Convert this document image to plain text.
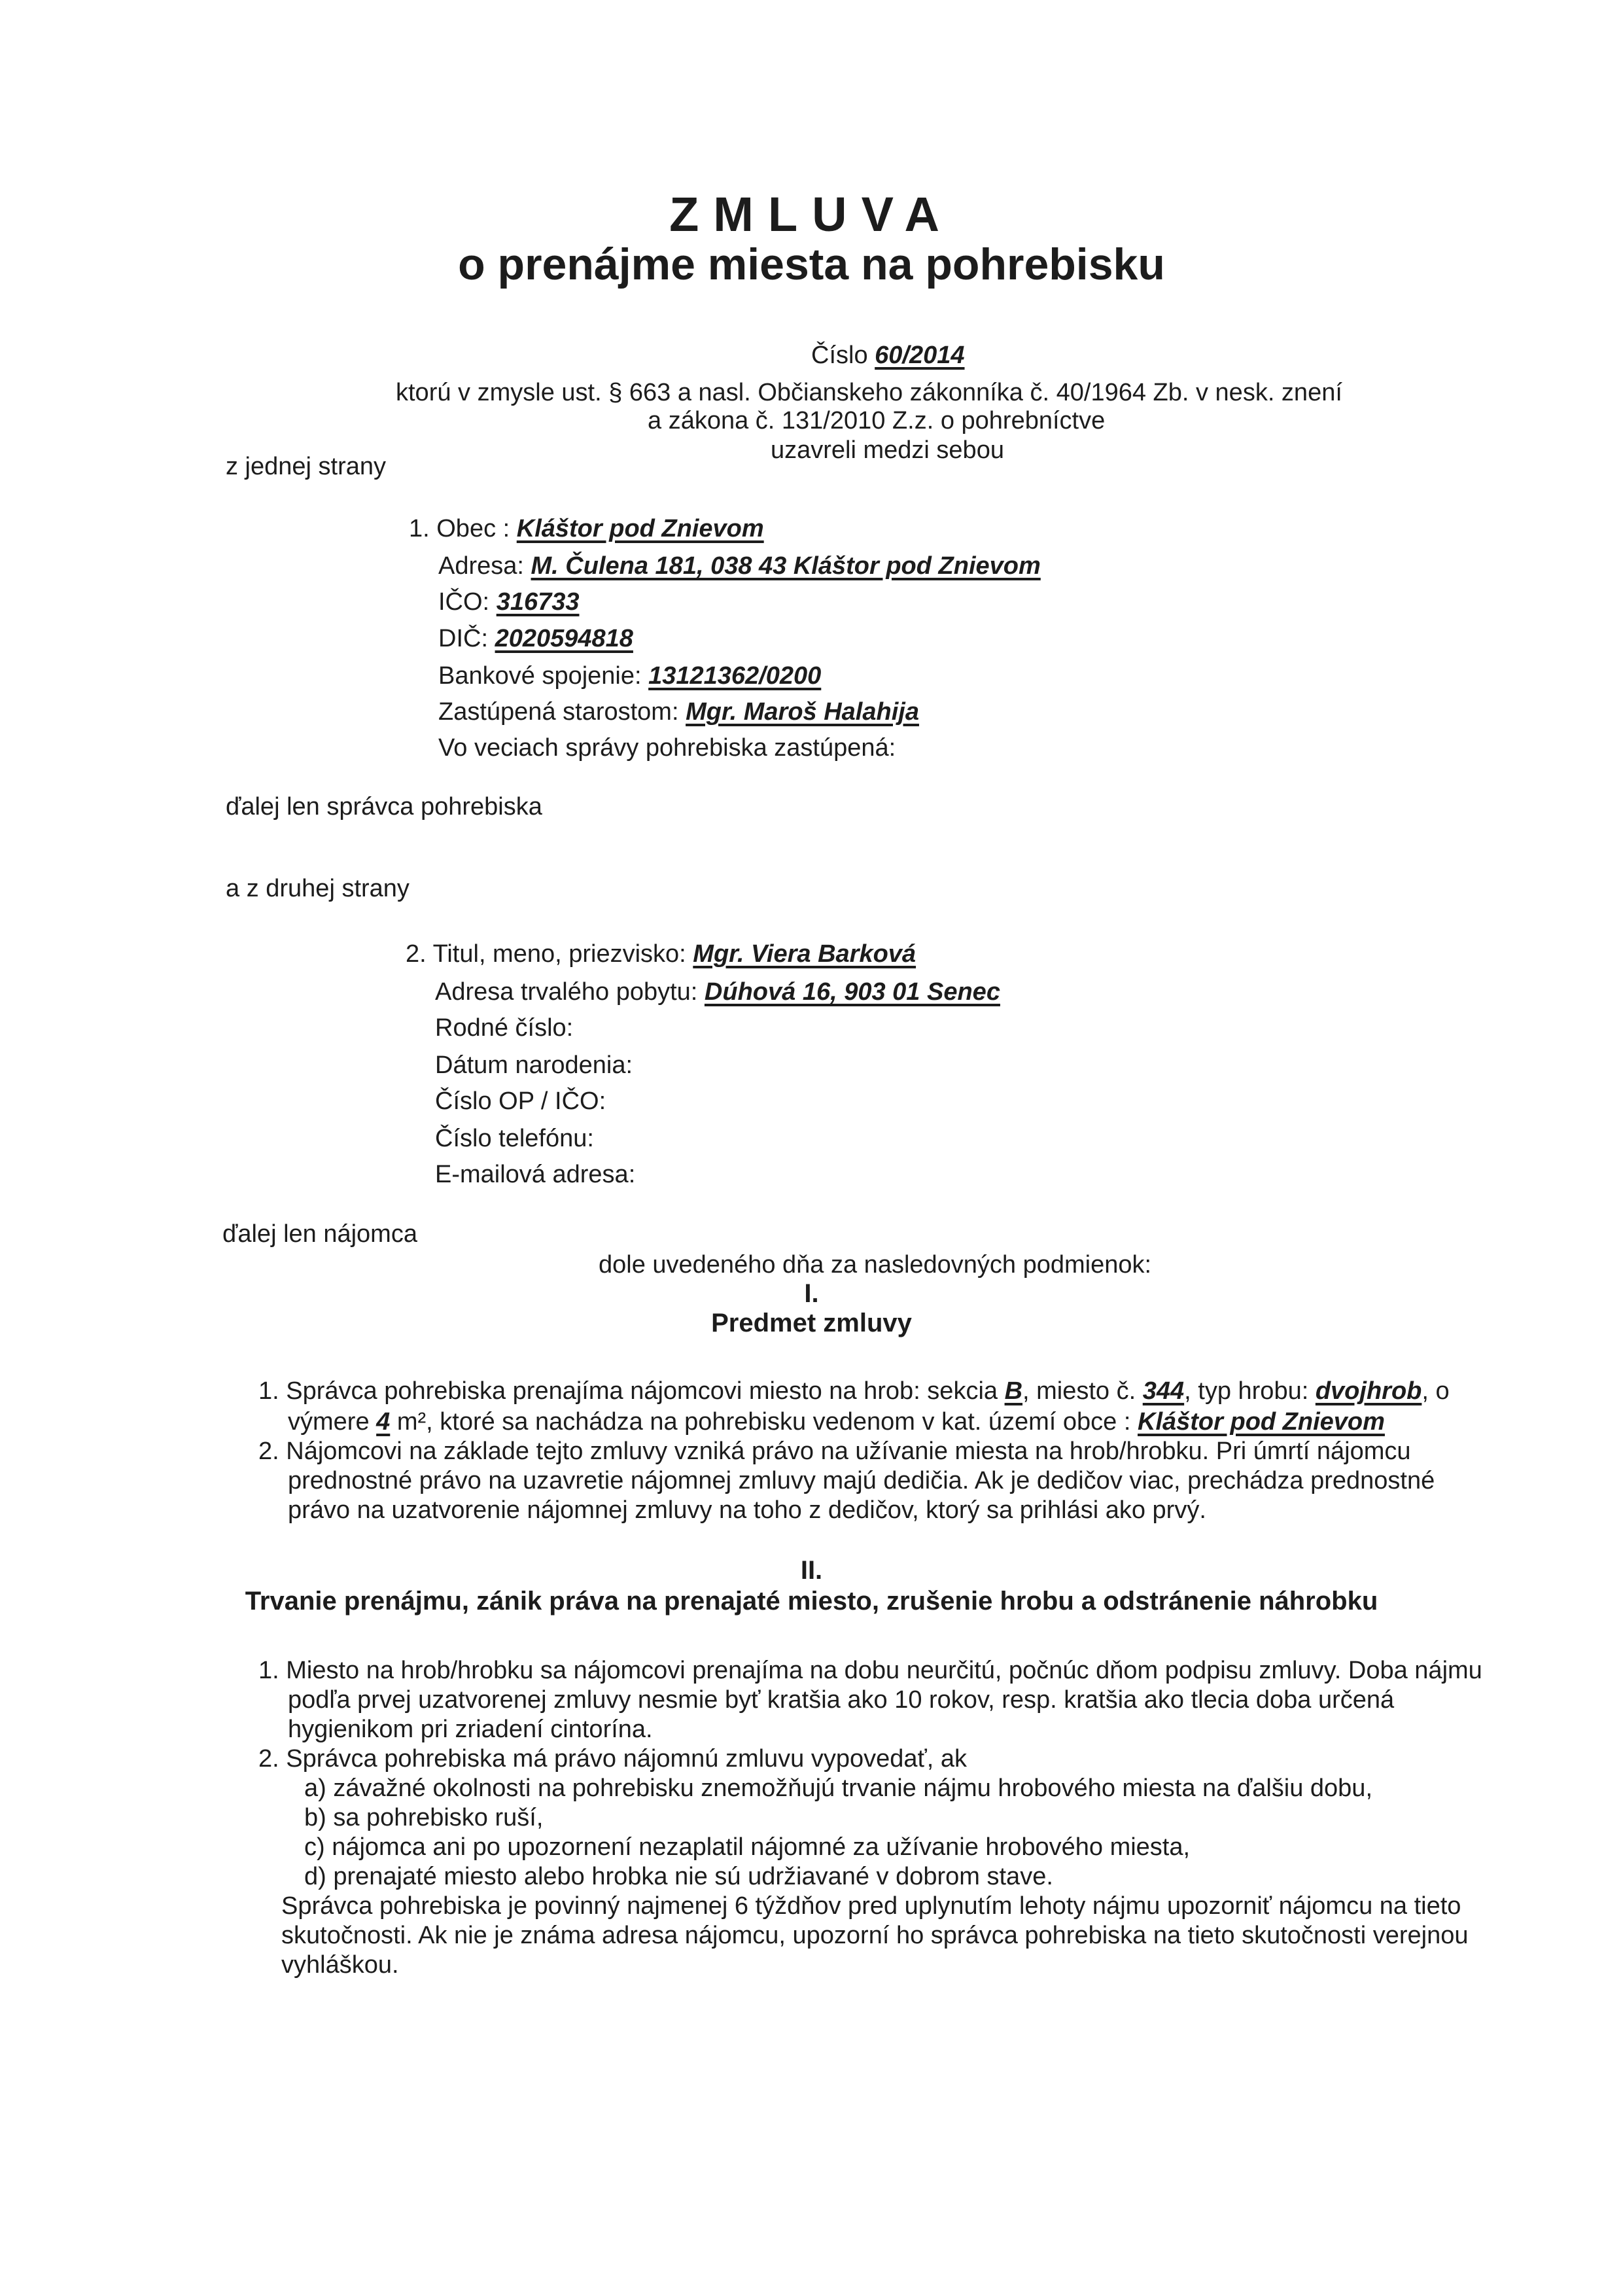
ZMLUVA
o prenájme miesta na pohrebisku
Číslo 60/2014
ktorú v zmysle ust. § 663 a nasl. Občianskeho zákonníka č. 40/1964 Zb. v nesk. znení
a zákona č. 131/2010 Z.z. o pohrebníctve
uzavreli medzi sebou
z jednej strany
1. Obec : Kláštor pod Znievom
Adresa: M. Čulena 181, 038 43 Kláštor pod Znievom
IČO: 316733
DIČ: 2020594818
Bankové spojenie: 13121362/0200
Zastúpená starostom: Mgr. Maroš Halahija
Vo veciach správy pohrebiska zastúpená:
ďalej len správca pohrebiska
a z druhej strany
2. Titul, meno, priezvisko: Mgr. Viera Barková
Adresa trvalého pobytu: Dúhová 16, 903 01 Senec
Rodné číslo:
Dátum narodenia:
Číslo OP / IČO:
Číslo telefónu:
E-mailová adresa:
ďalej len nájomca
dole uvedeného dňa za nasledovných podmienok:
I.
Predmet zmluvy
1. Správca pohrebiska prenajíma nájomcovi miesto na hrob: sekcia B, miesto č. 344, typ hrobu: dvojhrob, o
výmere 4 m², ktoré sa nachádza na pohrebisku vedenom v kat. území obce : Kláštor pod Znievom
2. Nájomcovi na základe tejto zmluvy vzniká právo na užívanie miesta na hrob/hrobku. Pri úmrtí nájomcu
prednostné právo na uzavretie nájomnej zmluvy majú dedičia. Ak je dedičov viac, prechádza prednostné
právo na uzatvorenie nájomnej zmluvy na toho z dedičov, ktorý sa prihlási ako prvý.
II.
Trvanie prenájmu, zánik práva na prenajaté miesto, zrušenie hrobu a odstránenie náhrobku
1. Miesto na hrob/hrobku sa nájomcovi prenajíma na dobu neurčitú, počnúc dňom podpisu zmluvy. Doba nájmu
podľa prvej uzatvorenej zmluvy nesmie byť kratšia ako 10 rokov, resp. kratšia ako tlecia doba určená
hygienikom pri zriadení cintorína.
2. Správca pohrebiska má právo nájomnú zmluvu vypovedať, ak
a) závažné okolnosti na pohrebisku znemožňujú trvanie nájmu hrobového miesta na ďalšiu dobu,
b) sa pohrebisko ruší,
c) nájomca ani po upozornení nezaplatil nájomné za užívanie hrobového miesta,
d) prenajaté miesto alebo hrobka nie sú udržiavané v dobrom stave.
Správca pohrebiska je povinný najmenej 6 týždňov pred uplynutím lehoty nájmu upozorniť nájomcu na tieto
skutočnosti. Ak nie je známa adresa nájomcu, upozorní ho správca pohrebiska na tieto skutočnosti verejnou
vyhláškou.
